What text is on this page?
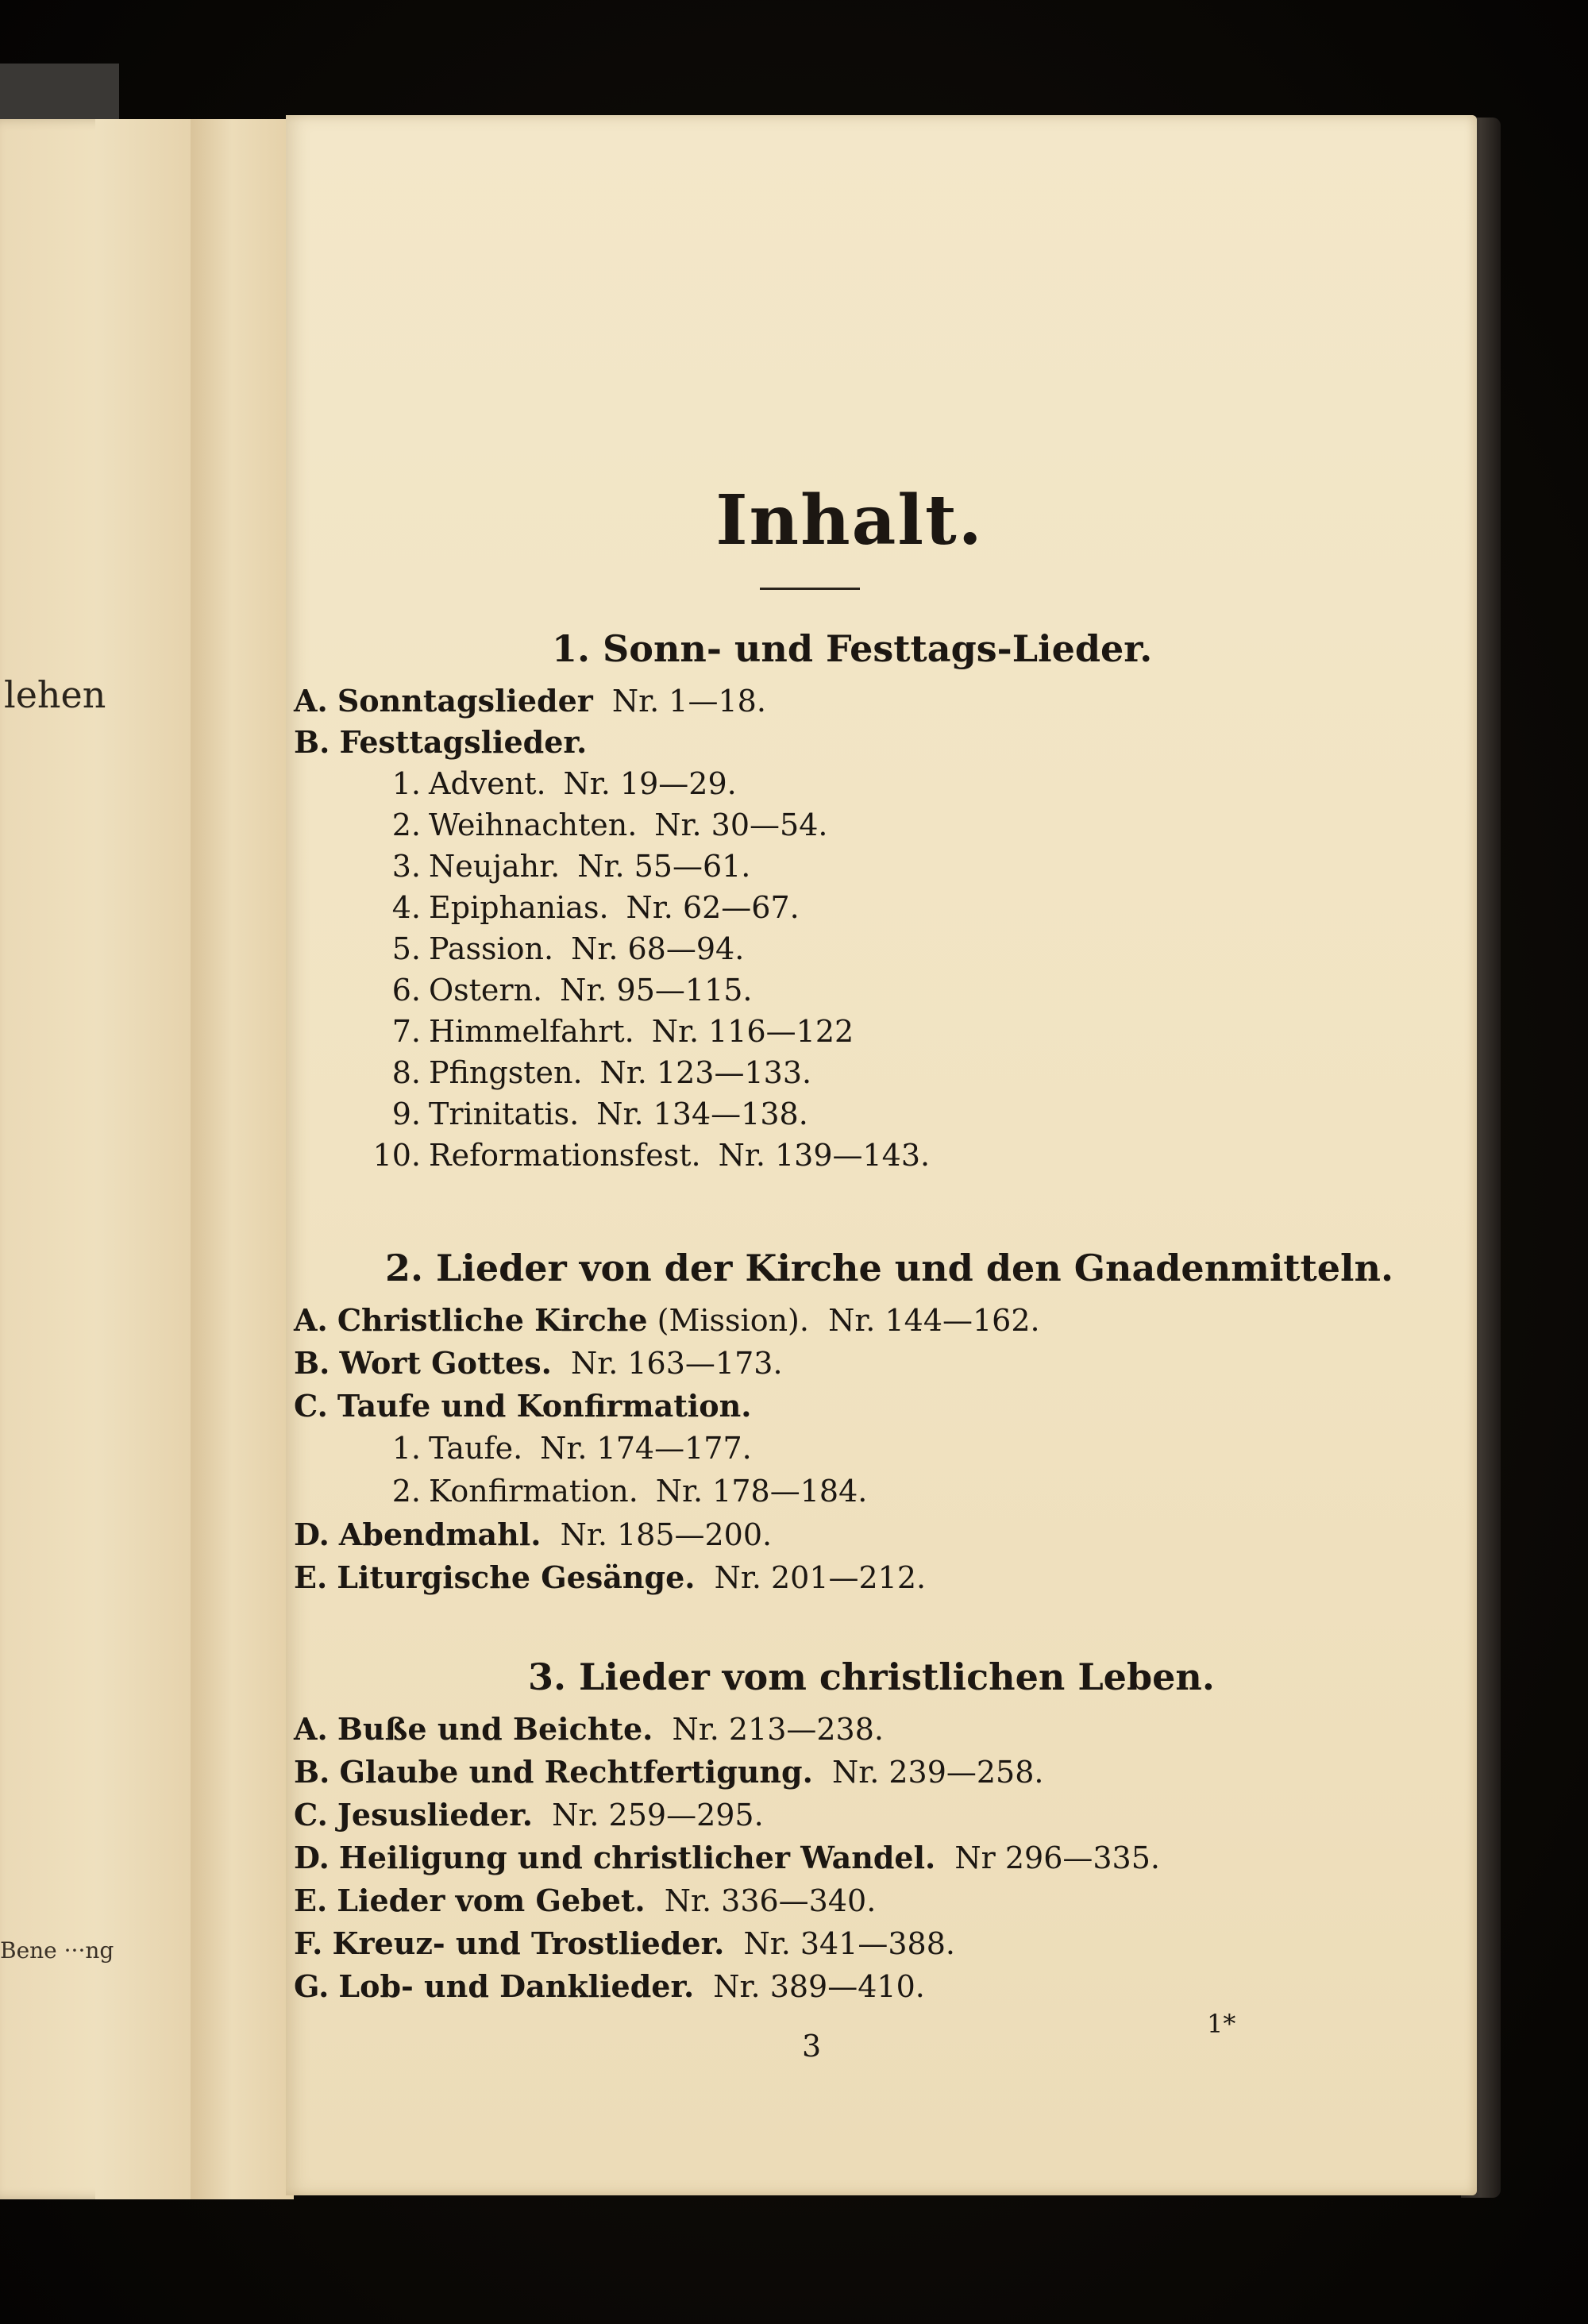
lehen
Bene ···ng
Inhalt.
1. Sonn- und Festtags-Lieder.
A. Sonntagslieder Nr. 1—18.
B. Festtagslieder.
1. Advent. Nr. 19—29.
2. Weihnachten. Nr. 30—54.
3. Neujahr. Nr. 55—61.
4. Epiphanias. Nr. 62—67.
5. Passion. Nr. 68—94.
6. Ostern. Nr. 95—115.
7. Himmelfahrt. Nr. 116—122
8. Pfingsten. Nr. 123—133.
9. Trinitatis. Nr. 134—138.
10. Reformationsfest. Nr. 139—143.
2. Lieder von der Kirche und den Gnadenmitteln.
A. Christliche Kirche (Mission). Nr. 144—162.
B. Wort Gottes. Nr. 163—173.
C. Taufe und Konfirmation.
1. Taufe. Nr. 174—177.
2. Konfirmation. Nr. 178—184.
D. Abendmahl. Nr. 185—200.
E. Liturgische Gesänge. Nr. 201—212.
3. Lieder vom christlichen Leben.
A. Buße und Beichte. Nr. 213—238.
B. Glaube und Rechtfertigung. Nr. 239—258.
C. Jesuslieder. Nr. 259—295.
D. Heiligung und christlicher Wandel. Nr 296—335.
E. Lieder vom Gebet. Nr. 336—340.
F. Kreuz- und Trostlieder. Nr. 341—388.
G. Lob- und Danklieder. Nr. 389—410.
3
1*
